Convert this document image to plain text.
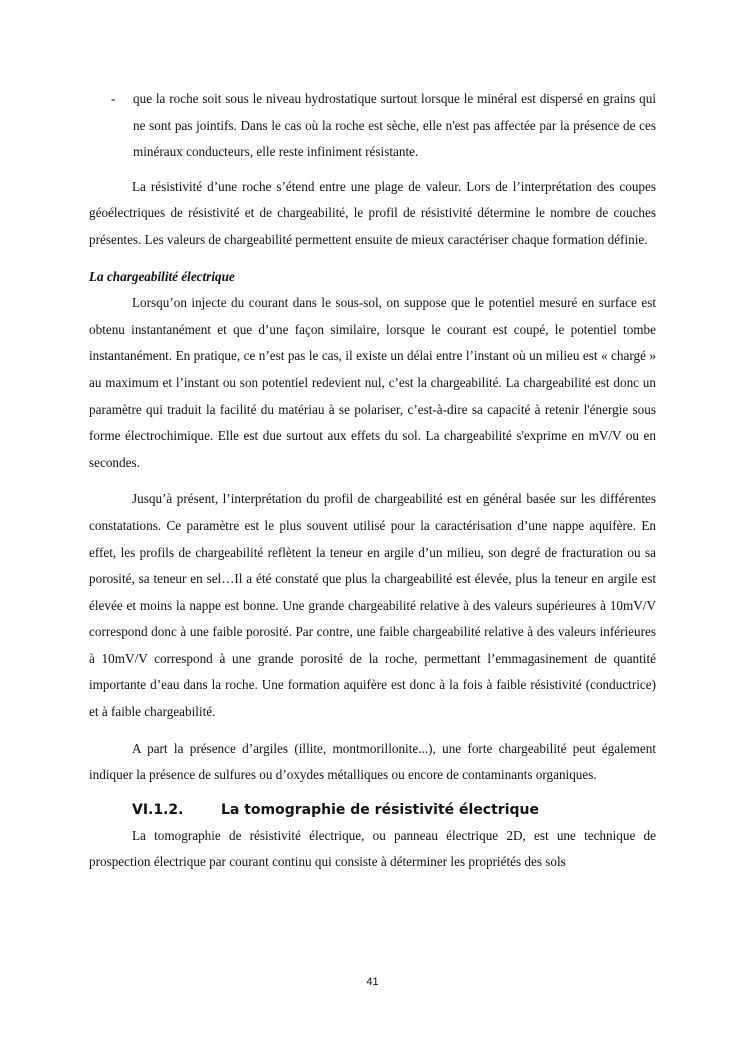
- que la roche soit sous le niveau hydrostatique surtout lorsque le minéral est dispersé en grains qui ne sont pas jointifs. Dans le cas où la roche est sèche, elle n'est pas affectée par la présence de ces minéraux conducteurs, elle reste infiniment résistante.

La résistivité d’une roche s’étend entre une plage de valeur. Lors de l’interprétation des coupes géoélectriques de résistivité et de chargeabilité, le profil de résistivité détermine le nombre de couches présentes. Les valeurs de chargeabilité permettent ensuite de mieux caractériser chaque formation définie.

La chargeabilité électrique

Lorsqu’on injecte du courant dans le sous-sol, on suppose que le potentiel mesuré en surface est obtenu instantanément et que d’une façon similaire, lorsque le courant est coupé, le potentiel tombe instantanément. En pratique, ce n’est pas le cas, il existe un délai entre l’instant où un milieu est « chargé » au maximum et l’instant ou son potentiel redevient nul, c’est la chargeabilité. La chargeabilité est donc un paramètre qui traduit la facilité du matériau à se polariser, c’est-à-dire sa capacité à retenir l'énergie sous forme électrochimique. Elle est due surtout aux effets du sol. La chargeabilité s'exprime en mV/V ou en secondes.

Jusqu’à présent, l’interprétation du profil de chargeabilité est en général basée sur les différentes constatations. Ce paramètre est le plus souvent utilisé pour la caractérisation d’une nappe aquifère. En effet, les profils de chargeabilité reflètent la teneur en argile d’un milieu, son degré de fracturation ou sa porosité, sa teneur en sel…Il a été constaté que plus la chargeabilité est élevée, plus la teneur en argile est élevée et moins la nappe est bonne. Une grande chargeabilité relative à des valeurs supérieures à 10mV/V correspond donc à une faible porosité. Par contre, une faible chargeabilité relative à des valeurs inférieures à 10mV/V correspond à une grande porosité de la roche, permettant l’emmagasinement de quantité importante d’eau dans la roche. Une formation aquifère est donc à la fois à faible résistivité (conductrice) et à faible chargeabilité.

A part la présence d’argiles (illite, montmorillonite...), une forte chargeabilité peut également indiquer la présence de sulfures ou d’oxydes métalliques ou encore de contaminants organiques.

VI.1.2.	La tomographie de résistivité électrique

La tomographie de résistivité électrique, ou panneau électrique 2D, est une technique de prospection électrique par courant continu qui consiste à déterminer les propriétés des sols

41
